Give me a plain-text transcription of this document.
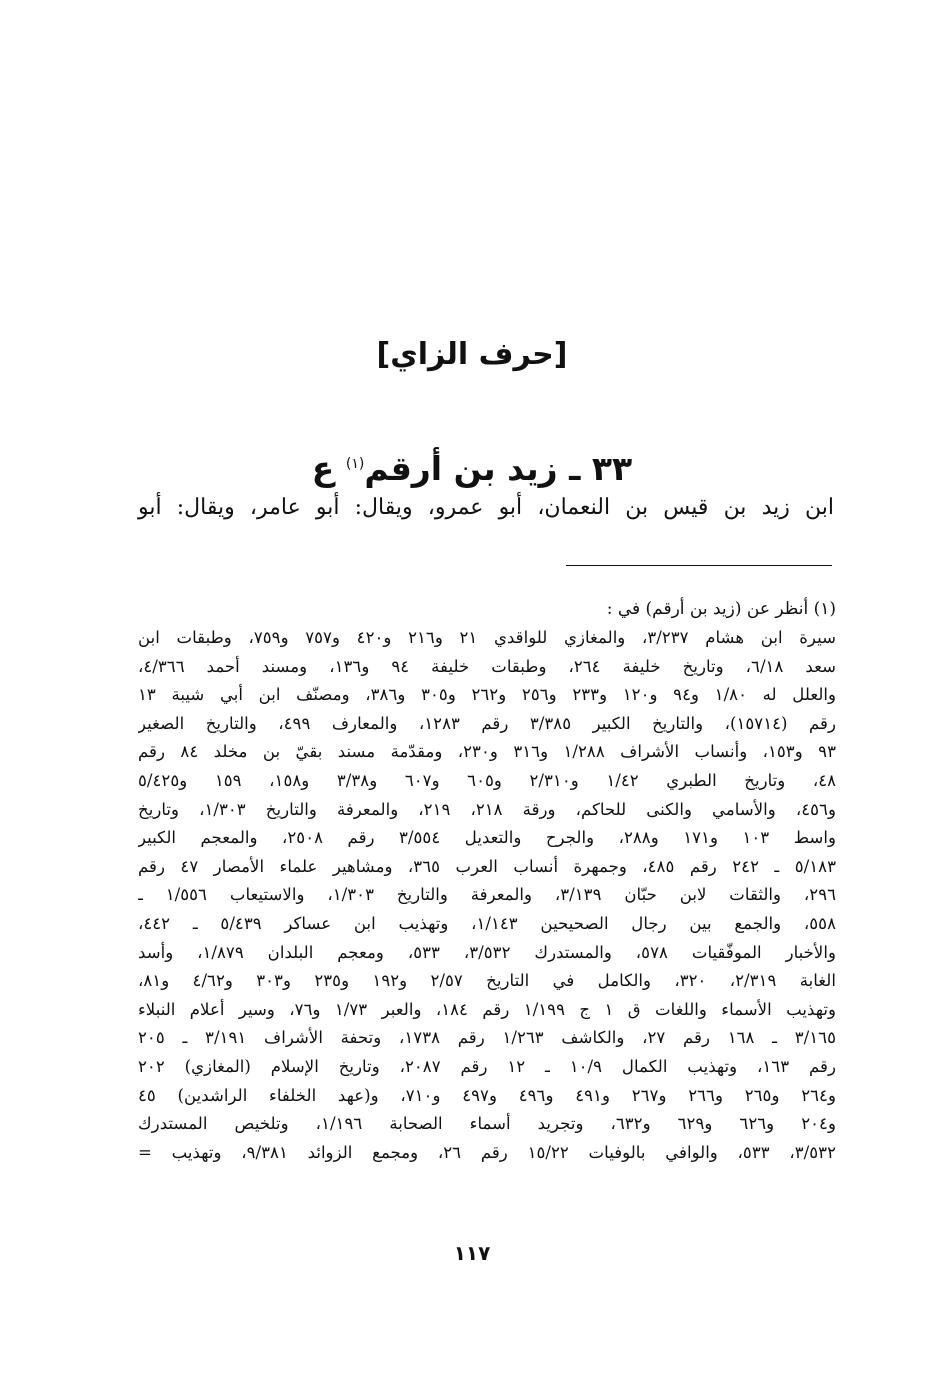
[حرف الزاي]
٣٣ ـ زيد بن أرقم$^{(١)}$ ع
ابن زيد بن قيس بن النعمان، أبو عمرو، ويقال: أبو عامر، ويقال: أبو
(١) أنظر عن (زيد بن أرقم) في :
سيرة ابن هشام ٣/٢٣٧، والمغازي للواقدي ٢١ و٢١٦ و٤٢٠ و٧٥٧ و٧٥٩، وطبقات ابن
سعد ٦/١٨، وتاريخ خليفة ٢٦٤، وطبقات خليفة ٩٤ و١٣٦، ومسند أحمد ٤/٣٦٦،
والعلل له ١/٨٠ و٩٤ و١٢٠ و٢٣٣ و٢٥٦ و٢٦٢ و٣٠٥ و٣٨٦، ومصنّف ابن أبي شيبة ١٣
رقم (١٥٧١٤)، والتاريخ الكبير ٣/٣٨٥ رقم ١٢٨٣، والمعارف ٤٩٩، والتاريخ الصغير
٩٣ و١٥٣، وأنساب الأشراف ١/٢٨٨ و٣١٦ و٢٣٠، ومقدّمة مسند بقيّ بن مخلد ٨٤ رقم
٤٨، وتاريخ الطبري ١/٤٢ و٢/٣١٠ و٦٠٥ و٦٠٧ و٣/٣٨ و١٥٨، ١٥٩ و٥/٤٢٥
و٤٥٦، والأسامي والكنى للحاكم، ورقة ٢١٨، ٢١٩، والمعرفة والتاريخ ١/٣٠٣، وتاريخ
واسط ١٠٣ و١٧١ و٢٨٨، والجرح والتعديل ٣/٥٥٤ رقم ٢٥٠٨، والمعجم الكبير
٥/١٨٣ ـ ٢٤٢ رقم ٤٨٥، وجمهرة أنساب العرب ٣٦٥، ومشاهير علماء الأمصار ٤٧ رقم
٢٩٦، والثقات لابن حبّان ٣/١٣٩، والمعرفة والتاريخ ١/٣٠٣، والاستيعاب ١/٥٥٦ ـ
٥٥٨، والجمع بين رجال الصحيحين ١/١٤٣، وتهذيب ابن عساكر ٥/٤٣٩ ـ ٤٤٢،
والأخبار الموفّقيات ٥٧٨، والمستدرك ٣/٥٣٢، ٥٣٣، ومعجم البلدان ١/٨٧٩، وأسد
الغابة ٢/٣١٩، ٣٢٠، والكامل في التاريخ ٢/٥٧ و١٩٢ و٢٣٥ و٣٠٣ و٤/٦٢ و٨١،
وتهذيب الأسماء واللغات ق ١ ج ١/١٩٩ رقم ١٨٤، والعبر ١/٧٣ و٧٦، وسير أعلام النبلاء
٣/١٦٥ ـ ١٦٨ رقم ٢٧، والكاشف ١/٢٦٣ رقم ١٧٣٨، وتحفة الأشراف ٣/١٩١ ـ ٢٠٥
رقم ١٦٣، وتهذيب الكمال ١٠/٩ ـ ١٢ رقم ٢٠٨٧، وتاريخ الإسلام (المغازي) ٢٠٢
و٢٦٤ و٢٦٥ و٢٦٦ و٢٦٧ و٤٩١ و٤٩٦ و٤٩٧ و٧١٠، و(عهد الخلفاء الراشدين) ٤٥
و٢٠٤ و٦٢٦ و٦٢٩ و٦٣٢، وتجريد أسماء الصحابة ١/١٩٦، وتلخيص المستدرك
٣/٥٣٢، ٥٣٣، والوافي بالوفيات ١٥/٢٢ رقم ٢٦، ومجمع الزوائد ٩/٣٨١، وتهذيب =
١١٧
